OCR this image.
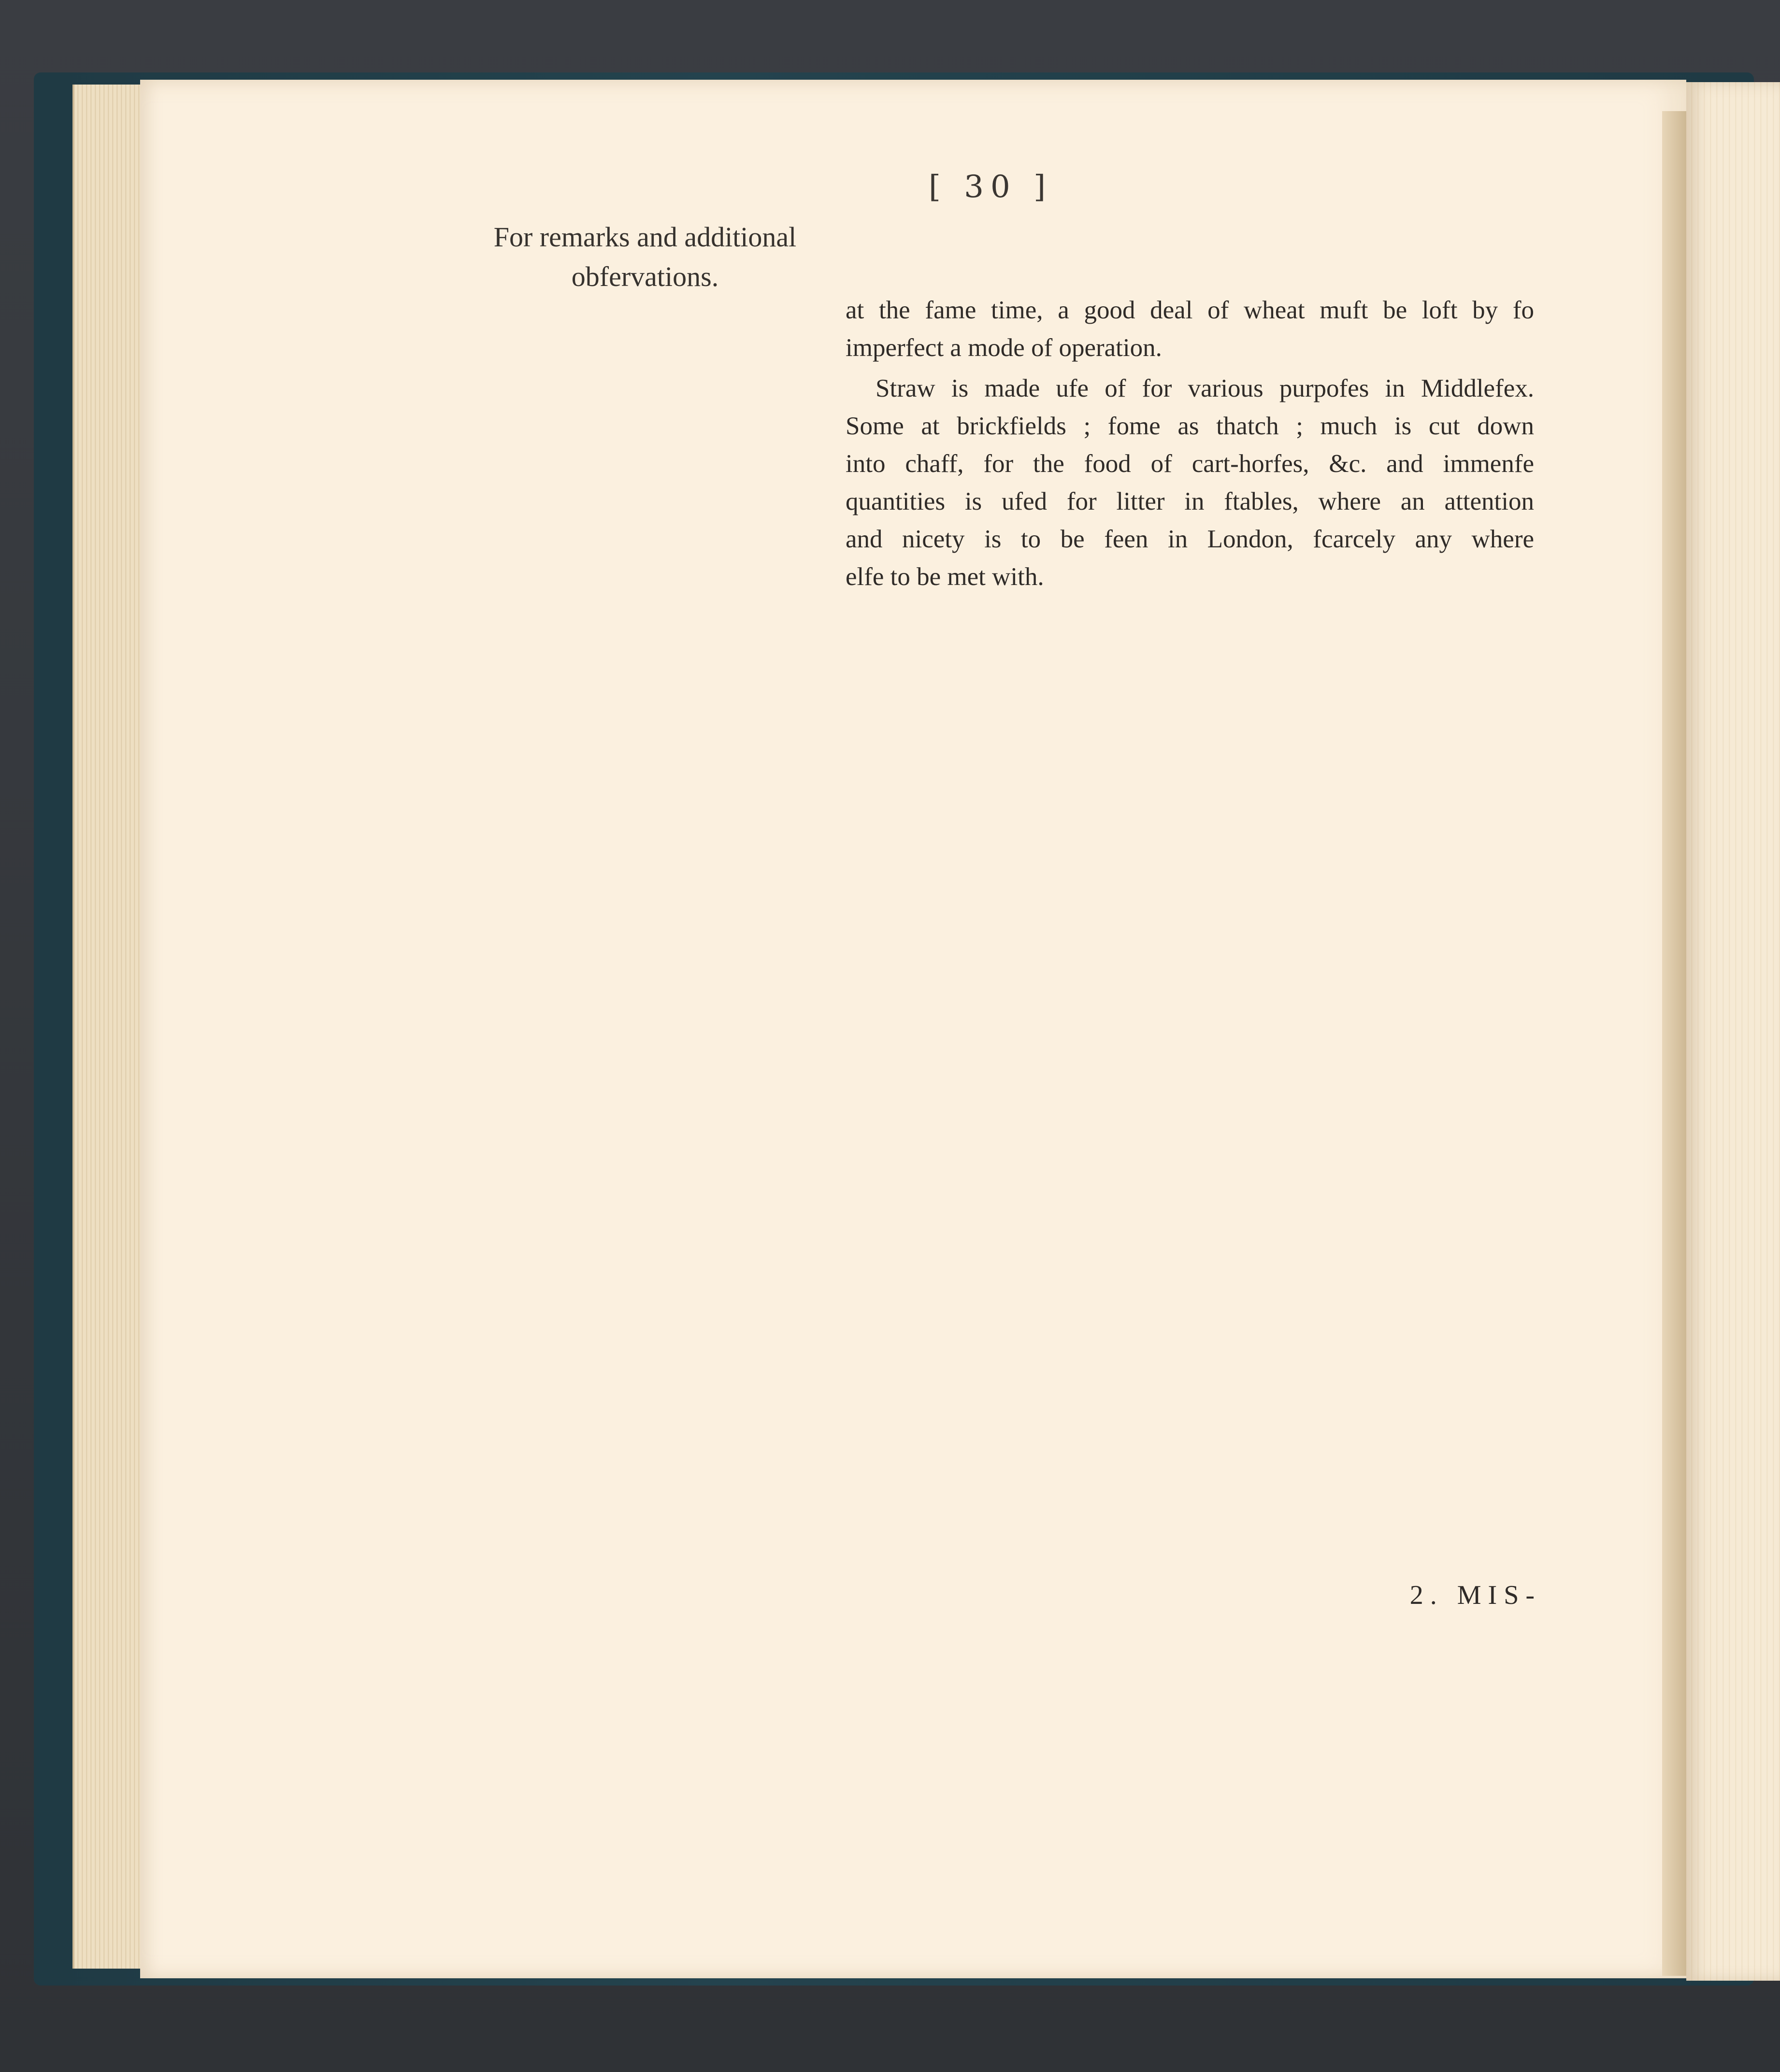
[ 30 ]
For remarks and additional
obfervations.

at the fame time, a good deal of wheat muft be loft by fo

imperfect a mode of operation.

Straw is made ufe of for various purpofes in Middlefex.

Some at brickfields ; fome as thatch ; much is cut down

into chaff, for the food of cart-horfes, &c. and immenfe

quantities is ufed for litter in ftables, where an attention

and nicety is to be feen in London, fcarcely any where

elfe to be met with.

2. MIS-
